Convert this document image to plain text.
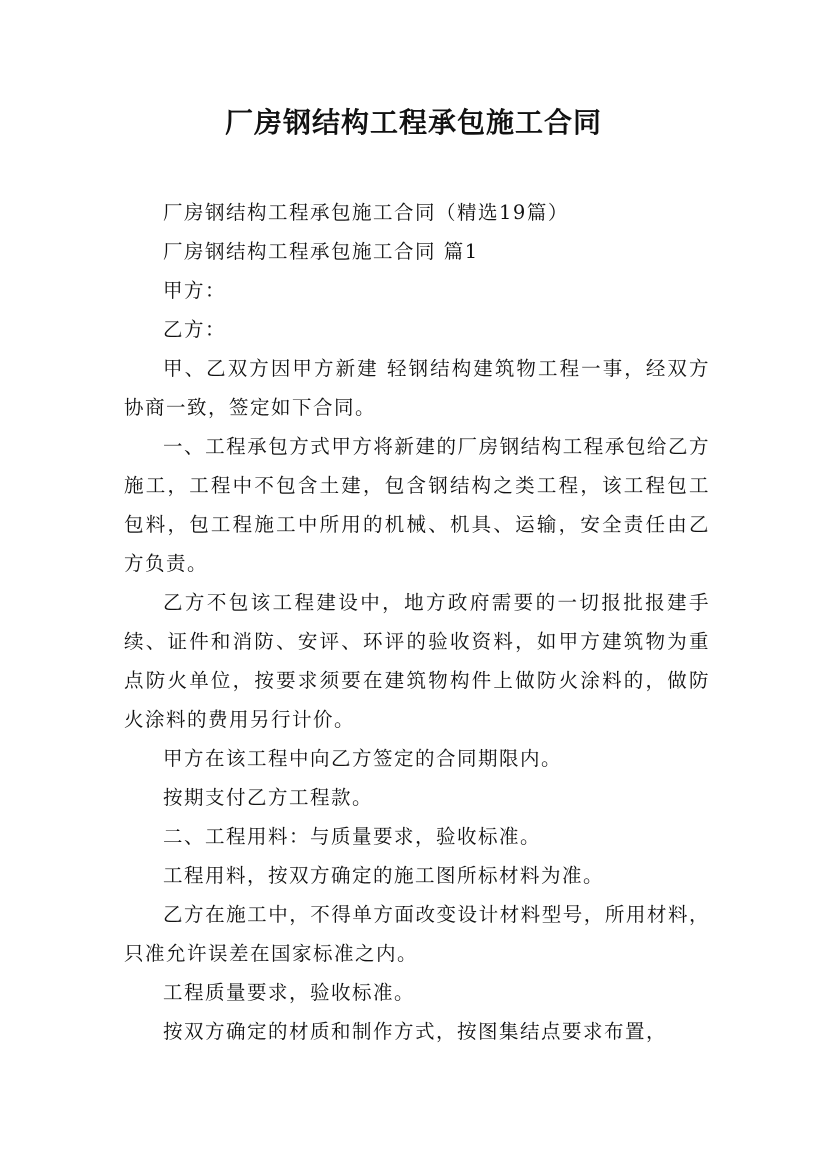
厂房钢结构工程承包施工合同

厂房钢结构工程承包施工合同（精选19篇）

厂房钢结构工程承包施工合同 篇1

甲方：

乙方：

甲、乙双方因甲方新建 轻钢结构建筑物工程一事，经双方协商一致，签定如下合同。

一、工程承包方式甲方将新建的厂房钢结构工程承包给乙方施工，工程中不包含土建，包含钢结构之类工程，该工程包工包料，包工程施工中所用的机械、机具、运输，安全责任由乙方负责。

乙方不包该工程建设中，地方政府需要的一切报批报建手续、证件和消防、安评、环评的验收资料，如甲方建筑物为重点防火单位，按要求须要在建筑物构件上做防火涂料的，做防火涂料的费用另行计价。

甲方在该工程中向乙方签定的合同期限内。

按期支付乙方工程款。

二、工程用料：与质量要求，验收标准。

工程用料，按双方确定的施工图所标材料为准。

乙方在施工中，不得单方面改变设计材料型号，所用材料，只准允许误差在国家标准之内。

工程质量要求，验收标准。

按双方确定的材质和制作方式，按图集结点要求布置，
